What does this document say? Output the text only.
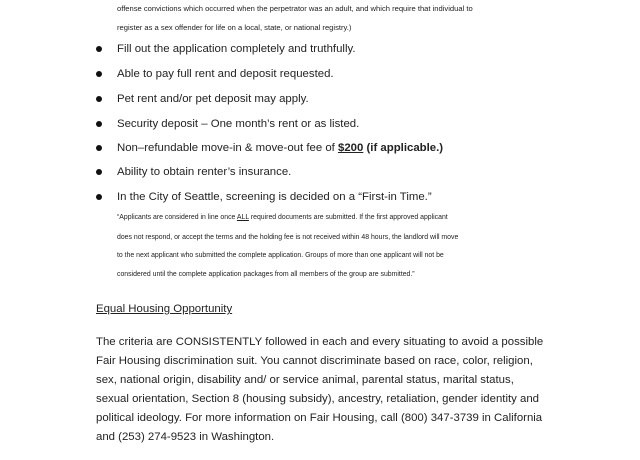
offense convictions which occurred when the perpetrator was an adult, and which require that individual to
register as a sex offender for life on a local, state, or national registry.)
Fill out the application completely and truthfully.
Able to pay full rent and deposit requested.
Pet rent and/or pet deposit may apply.
Security deposit – One month’s rent or as listed.
Non–refundable move-in & move-out fee of $200 (if applicable.)
Ability to obtain renter’s insurance.
In the City of Seattle, screening is decided on a “First-in Time.”
“Applicants are considered in line once ALL required documents are submitted. If the first approved applicant
does not respond, or accept the terms and the holding fee is not received within 48 hours, the landlord will move
to the next applicant who submitted the complete application. Groups of more than one applicant will not be
considered until the complete application packages from all members of the group are submitted.”
Equal Housing Opportunity
The criteria are CONSISTENTLY followed in each and every situating to avoid a possible
Fair Housing discrimination suit. You cannot discriminate based on race, color, religion,
sex, national origin, disability and/ or service animal, parental status, marital status,
sexual orientation, Section 8 (housing subsidy), ancestry, retaliation, gender identity and
political ideology. For more information on Fair Housing, call (800) 347-3739 in California
and (253) 274-9523 in Washington.
